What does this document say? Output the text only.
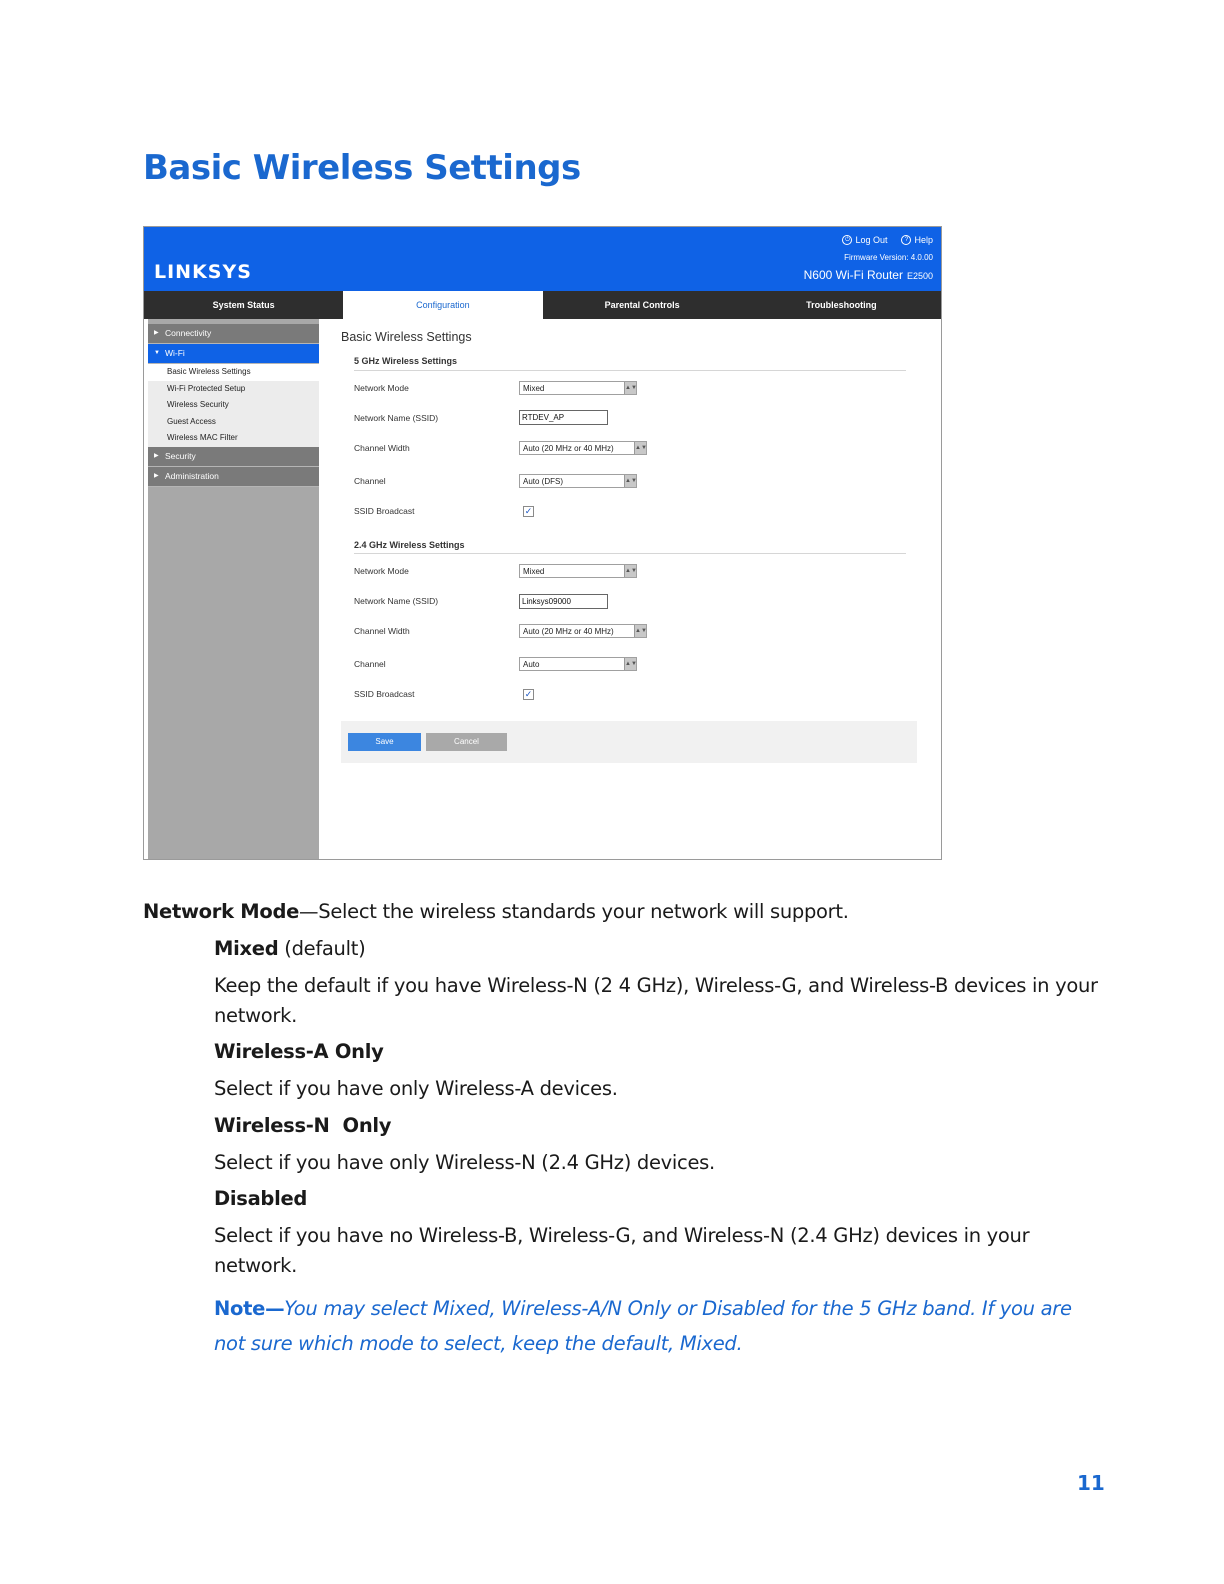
Basic Wireless Settings
LINKSYS
⏻ Log Out	? Help
Firmware Version: 4.0.00
N600 Wi-Fi Router E2500
System Status	Configuration	Parental Controls	Troubleshooting
▶ Connectivity
▼ Wi-Fi
Basic Wireless Settings
Wi-Fi Protected Setup
Wireless Security
Guest Access
Wireless MAC Filter
▶ Security
▶ Administration
Basic Wireless Settings
5 GHz Wireless Settings
Network Mode	Mixed	▲▼
Network Name (SSID)	RTDEV_AP
Channel Width	Auto (20 MHz or 40 MHz)	▲▼
Channel	Auto (DFS)	▲▼
SSID Broadcast	✓
2.4 GHz Wireless Settings
Network Mode	Mixed	▲▼
Network Name (SSID)	Linksys09000
Channel Width	Auto (20 MHz or 40 MHz)	▲▼
Channel	Auto	▲▼
SSID Broadcast	✓
Save	Cancel
Network Mode—Select the wireless standards your network will support.
Mixed (default)
Keep the default if you have Wireless-N (2 4 GHz), Wireless-G, and Wireless-B devices in your
network.
Wireless-A Only
Select if you have only Wireless-A devices.
Wireless-N  Only
Select if you have only Wireless-N (2.4 GHz) devices.
Disabled
Select if you have no Wireless-B, Wireless-G, and Wireless-N (2.4 GHz) devices in your
network.
Note—You may select Mixed, Wireless-A/N Only or Disabled for the 5 GHz band. If you are
not sure which mode to select, keep the default, Mixed.
11
